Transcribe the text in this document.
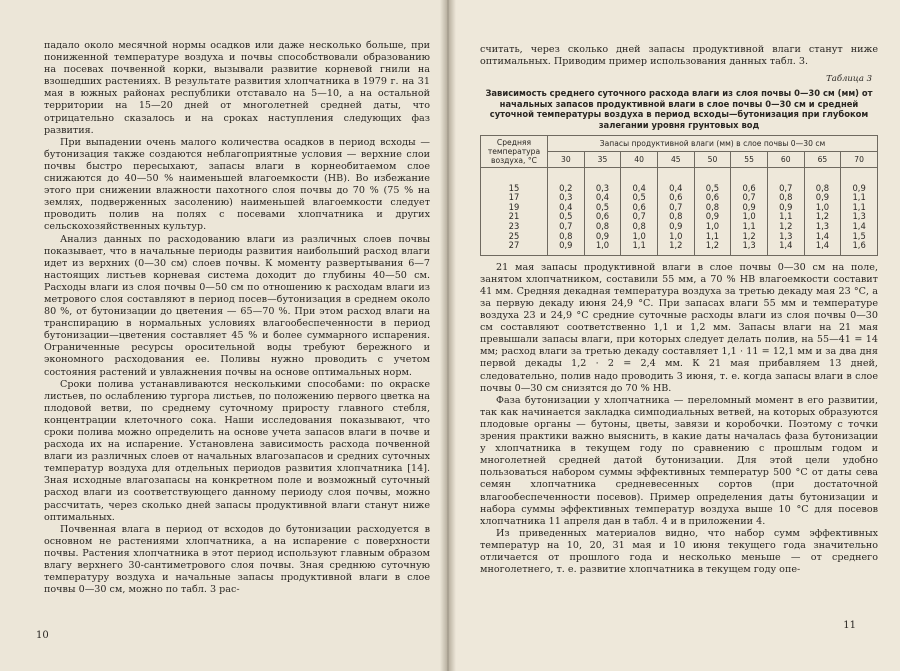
падало около месячной нормы осадков или даже несколько больше, при пониженной температуре воздуха и почвы способствовали образованию на посевах почвенной корки, вызывали развитие корневой гнили на взошедших растениях. В результате развития хлопчатника в 1979 г. на 31 мая в южных районах республики отставало на 5—10, а на остальной территории на 15—20 дней от многолетней средней даты, что отрицательно сказалось и на сроках наступления следующих фаз развития.

При выпадении очень малого количества осадков в период всходы — бутонизация также создаются неблагоприятные условия — верхние слои почвы быстро пересыхают, запасы влаги в корнеобитаемом слое снижаются до 40—50 % наименьшей влагоемкости (НВ). Во избежание этого при снижении влажности пахотного слоя почвы до 70 % (75 % на землях, подверженных засолению) наименьшей влагоемкости следует проводить полив на полях с посевами хлопчатника и других сельскохозяйственных культур.

Анализ данных по расходованию влаги из различных слоев почвы показывает, что в начальные периоды развития наибольший расход влаги идет из верхних (0—30 см) слоев почвы. К моменту развертывания 6—7 настоящих листьев корневая система доходит до глубины 40—50 см. Расходы влаги из слоя почвы 0—50 см по отношению к расходам влаги из метрового слоя составляют в период посев—бутонизация в среднем около 80 %, от бутонизации до цветения — 65—70 %. При этом расход влаги на транспирацию в нормальных условиях влагообеспеченности в период бутонизации—цветения составляет 45 % и более суммарного испарения. Ограниченные ресурсы оросительной воды требуют бережного и экономного расходования ее. Поливы нужно проводить с учетом состояния растений и увлажнения почвы на основе оптимальных норм.

Сроки полива устанавливаются несколькими способами: по окраске листьев, по ослаблению тургора листьев, по положению первого цветка на плодовой ветви, по среднему суточному приросту главного стебля, концентрации клеточного сока. Наши исследования показывают, что сроки полива можно определить на основе учета запасов влаги в почве и расхода их на испарение. Установлена зависимость расхода почвенной влаги из различных слоев от начальных влагозапасов и средних суточных температур воздуха для отдельных периодов развития хлопчатника [14]. Зная исходные влагозапасы на конкретном поле и возможный суточный расход влаги из соответствующего данному периоду слоя почвы, можно рассчитать, через сколько дней запасы продуктивной влаги станут ниже оптимальных.

Почвенная влага в период от всходов до бутонизации расходуется в основном не растениями хлопчатника, а на испарение с поверхности почвы. Растения хлопчатника в этот период используют главным образом влагу верхнего 30-сантиметрового слоя почвы. Зная среднюю суточную температуру воздуха и начальные запасы продуктивной влаги в слое почвы 0—30 см, можно по табл. 3 рас-

10

считать, через сколько дней запасы продуктивной влаги станут ниже оптимальных. Приводим пример использования данных табл. 3.

Таблица 3
Зависимость среднего суточного расхода влаги из слоя почвы 0—30 см (мм) от начальных запасов продуктивной влаги в слое почвы 0—30 см и средней суточной температуры воздуха в период всходы—бутонизация при глубоком залегании уровня грунтовых вод
Средняя температура воздуха, °С	Запасы продуктивной влаги (мм) в слое почвы 0—30 см								
	30	35	40	45	50	55	60	65	70
15	0,2	0,3	0,4	0,4	0,5	0,6	0,7	0,8	0,9
17	0,3	0,4	0,5	0,6	0,6	0,7	0,8	0,9	1,1
19	0,4	0,5	0,6	0,7	0,8	0,9	0,9	1,0	1,1
21	0,5	0,6	0,7	0,8	0,9	1,0	1,1	1,2	1,3
23	0,7	0,8	0,8	0,9	1,0	1,1	1,2	1,3	1,4
25	0,8	0,9	1,0	1,0	1,1	1,2	1,3	1,4	1,5
27	0,9	1,0	1,1	1,2	1,2	1,3	1,4	1,4	1,6

21 мая запасы продуктивной влаги в слое почвы 0—30 см на поле, занятом хлопчатником, составили 55 мм, а 70 % НВ влагоемкости составит 41 мм. Средняя декадная температура воздуха за третью декаду мая 23 °С, а за первую декаду июня 24,9 °С. При запасах влаги 55 мм и температуре воздуха 23 и 24,9 °С средние суточные расходы влаги из слоя почвы 0—30 см составляют соответственно 1,1 и 1,2 мм. Запасы влаги на 21 мая превышали запасы влаги, при которых следует делать полив, на 55—41 = 14 мм; расход влаги за третью декаду составляет 1,1 · 11 = 12,1 мм и за два дня первой декады 1,2 · 2 = 2,4 мм. К 21 мая прибавляем 13 дней, следовательно, полив надо проводить 3 июня, т. е. когда запасы влаги в слое почвы 0—30 см снизятся до 70 % НВ.

Фаза бутонизации у хлопчатника — переломный момент в его развитии, так как начинается закладка симподиальных ветвей, на которых образуются плодовые органы — бутоны, цветы, завязи и коробочки. Поэтому с точки зрения практики важно выяснить, в какие даты началась фаза бутонизации у хлопчатника в текущем году по сравнению с прошлым годом и многолетней средней датой бутонизации. Для этой цели удобно пользоваться набором суммы эффективных температур 500 °С от даты сева семян хлопчатника средневесенных сортов (при достаточной влагообеспеченности посевов). Пример определения даты бутонизации и набора суммы эффективных температур воздуха выше 10 °С для посевов хлопчатника 11 апреля дан в табл. 4 и в приложении 4.

Из приведенных материалов видно, что набор сумм эффективных температур на 10, 20, 31 мая и 10 июня текущего года значительно отличается от прошлого года и несколько меньше — от среднего многолетнего, т. е. развитие хлопчатника в текущем году опе-

11
